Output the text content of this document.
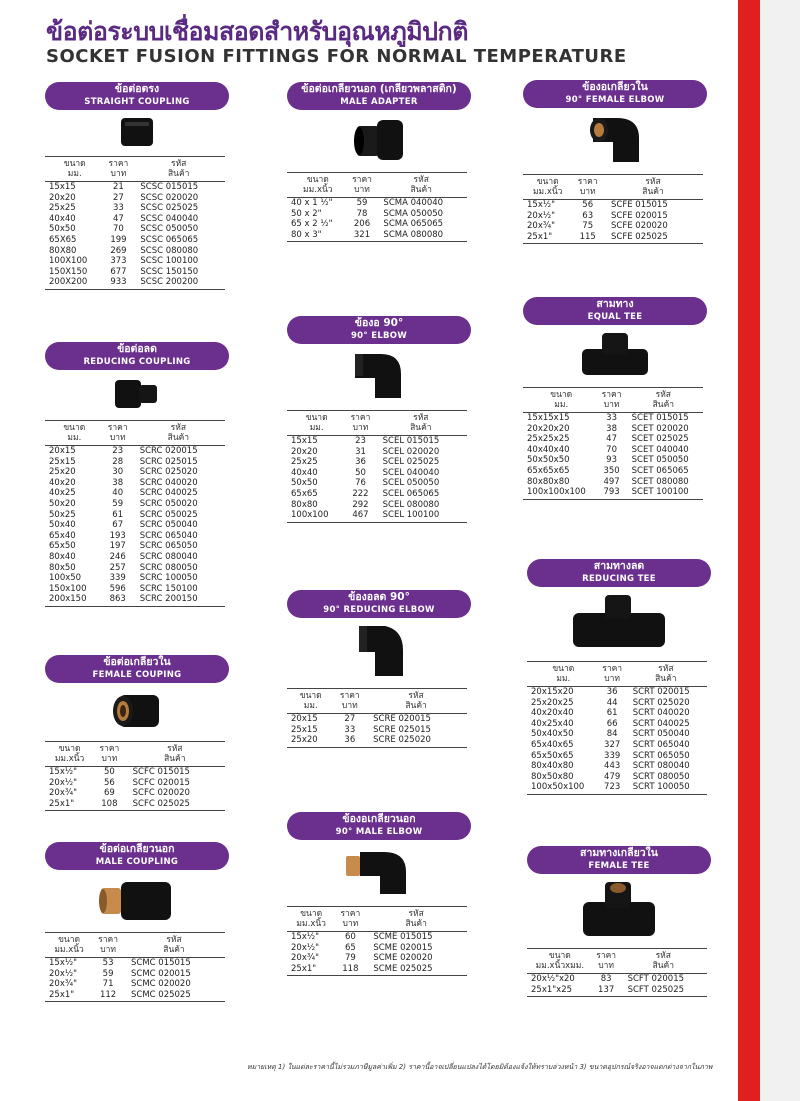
ข้อต่อระบบเชื่อมสอดสำหรับอุณหภูมิปกติ
SOCKET FUSION FITTINGS FOR NORMAL TEMPERATURE
ข้อต่อตรง
STRAIGHT COUPLING
ขนาด
มม.	ราคา
บาท	รหัส
สินค้า
15x15	21	SCSC 015015
20x20	27	SCSC 020020
25x25	33	SCSC 025025
40x40	47	SCSC 040040
50x50	70	SCSC 050050
65X65	199	SCSC 065065
80X80	269	SCSC 080080
100X100	373	SCSC 100100
150X150	677	SCSC 150150
200X200	933	SCSC 200200
ข้อต่อลด
REDUCING COUPLING
ขนาด
มม.	ราคา
บาท	รหัส
สินค้า
20x15	23	SCRC 020015
25x15	28	SCRC 025015
25x20	30	SCRC 025020
40x20	38	SCRC 040020
40x25	40	SCRC 040025
50x20	59	SCRC 050020
50x25	61	SCRC 050025
50x40	67	SCRC 050040
65x40	193	SCRC 065040
65x50	197	SCRC 065050
80x40	246	SCRC 080040
80x50	257	SCRC 080050
100x50	339	SCRC 100050
150x100	596	SCRC 150100
200x150	863	SCRC 200150
ข้อต่อเกลียวใน
FEMALE COUPING
ขนาด
มม.xนิ้ว	ราคา
บาท	รหัส
สินค้า
15x½"	50	SCFC 015015
20x½"	56	SCFC 020015
20x¾"	69	SCFC 020020
25x1"	108	SCFC 025025
ข้อต่อเกลียวนอก
MALE COUPLING
ขนาด
มม.xนิ้ว	ราคา
บาท	รหัส
สินค้า
15x½"	53	SCMC 015015
20x½"	59	SCMC 020015
20x¾"	71	SCMC 020020
25x1"	112	SCMC 025025
ข้อต่อเกลียวนอก (เกลียวพลาสติก)
MALE ADAPTER
ขนาด
มม.xนิ้ว	ราคา
บาท	รหัส
สินค้า
40 x 1 ½"	59	SCMA 040040
50 x 2"	78	SCMA 050050
65 x 2 ½"	206	SCMA 065065
80 x 3"	321	SCMA 080080
ข้องอ 90°
90° ELBOW
ขนาด
มม.	ราคา
บาท	รหัส
สินค้า
15x15	23	SCEL 015015
20x20	31	SCEL 020020
25x25	36	SCEL 025025
40x40	50	SCEL 040040
50x50	76	SCEL 050050
65x65	222	SCEL 065065
80x80	292	SCEL 080080
100x100	467	SCEL 100100
ข้องอลด 90°
90° REDUCING ELBOW
ขนาด
มม.	ราคา
บาท	รหัส
สินค้า
20x15	27	SCRE 020015
25x15	33	SCRE 025015
25x20	36	SCRE 025020
ข้องอเกลียวนอก
90° MALE ELBOW
ขนาด
มม.xนิ้ว	ราคา
บาท	รหัส
สินค้า
15x½"	60	SCME 015015
20x½"	65	SCME 020015
20x¾"	79	SCME 020020
25x1"	118	SCME 025025
ข้องอเกลียวใน
90° FEMALE ELBOW
ขนาด
มม.xนิ้ว	ราคา
บาท	รหัส
สินค้า
15x½"	56	SCFE 015015
20x½"	63	SCFE 020015
20x¾"	75	SCFE 020020
25x1"	115	SCFE 025025
สามทาง
EQUAL TEE
ขนาด
มม.	ราคา
บาท	รหัส
สินค้า
15x15x15	33	SCET 015015
20x20x20	38	SCET 020020
25x25x25	47	SCET 025025
40x40x40	70	SCET 040040
50x50x50	93	SCET 050050
65x65x65	350	SCET 065065
80x80x80	497	SCET 080080
100x100x100	793	SCET 100100
สามทางลด
REDUCING TEE
ขนาด
มม.	ราคา
บาท	รหัส
สินค้า
20x15x20	36	SCRT 020015
25x20x25	44	SCRT 025020
40x20x40	61	SCRT 040020
40x25x40	66	SCRT 040025
50x40x50	84	SCRT 050040
65x40x65	327	SCRT 065040
65x50x65	339	SCRT 065050
80x40x80	443	SCRT 080040
80x50x80	479	SCRT 080050
100x50x100	723	SCRT 100050
สามทางเกลียวใน
FEMALE TEE
ขนาด
มม.xนิ้วxมม.	ราคา
บาท	รหัส
สินค้า
20x½"x20	83	SCFT 020015
25x1"x25	137	SCFT 025025
หมายเหตุ 1) ในแต่ละราคานี้ไม่รวมภาษีมูลค่าเพิ่ม 2) ราคานี้อาจเปลี่ยนแปลงได้โดยมิต้องแจ้งให้ทราบล่วงหน้า 3) ขนาดอุปกรณ์จริงอาจแตกต่างจากในภาพ
